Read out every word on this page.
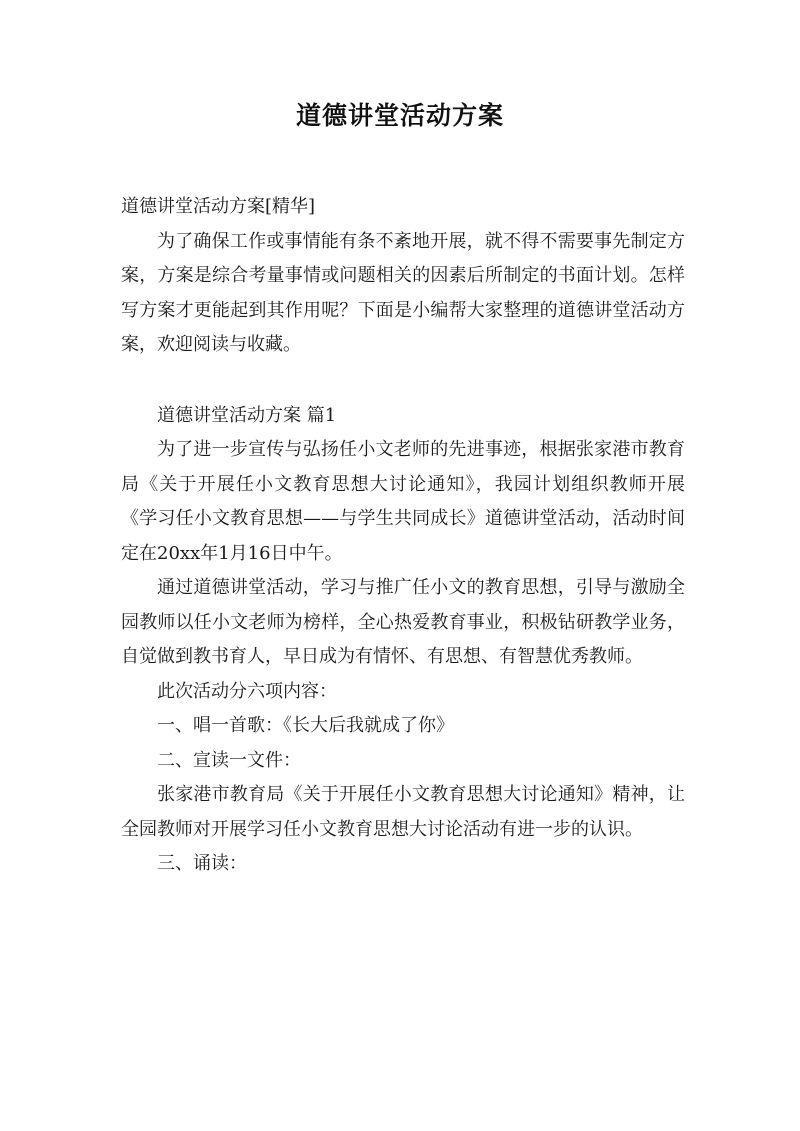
道德讲堂活动方案

道德讲堂活动方案[精华]

为了确保工作或事情能有条不紊地开展，就不得不需要事先制定方案，方案是综合考量事情或问题相关的因素后所制定的书面计划。怎样写方案才更能起到其作用呢？下面是小编帮大家整理的道德讲堂活动方案，欢迎阅读与收藏。

道德讲堂活动方案 篇1

为了进一步宣传与弘扬任小文老师的先进事迹，根据张家港市教育局《关于开展任小文教育思想大讨论通知》，我园计划组织教师开展《学习任小文教育思想——与学生共同成长》道德讲堂活动，活动时间定在20xx年1月16日中午。

通过道德讲堂活动，学习与推广任小文的教育思想，引导与激励全园教师以任小文老师为榜样，全心热爱教育事业，积极钻研教学业务，自觉做到教书育人，早日成为有情怀、有思想、有智慧优秀教师。

此次活动分六项内容：

一、唱一首歌：《长大后我就成了你》

二、宣读一文件：

张家港市教育局《关于开展任小文教育思想大讨论通知》精神，让全园教师对开展学习任小文教育思想大讨论活动有进一步的认识。

三、诵读：
